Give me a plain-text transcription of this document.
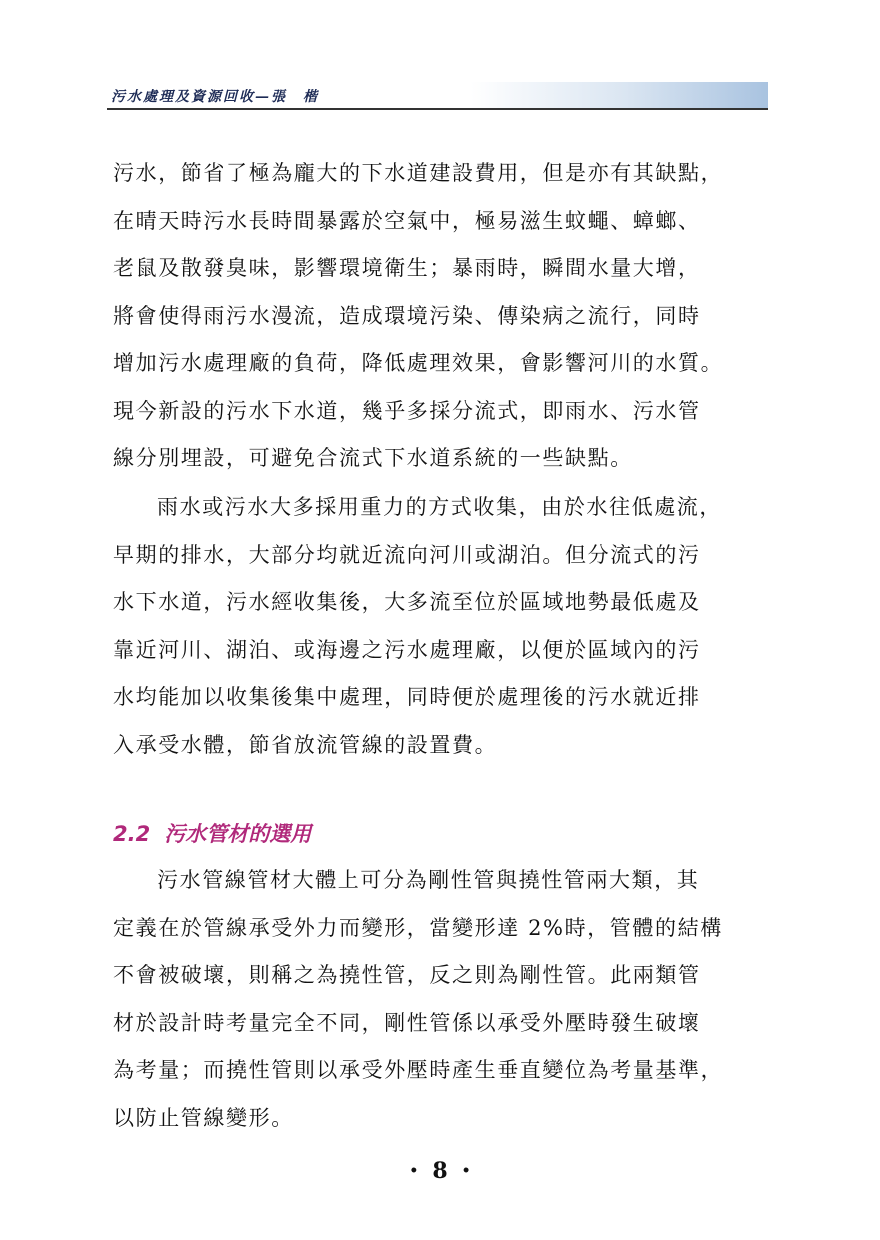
污水處理及資源回收—張　楷
污水，節省了極為龐大的下水道建設費用，但是亦有其缺點，
在晴天時污水長時間暴露於空氣中，極易滋生蚊蠅、蟑螂、
老鼠及散發臭味，影響環境衛生；暴雨時，瞬間水量大增，
將會使得雨污水漫流，造成環境污染、傳染病之流行，同時
增加污水處理廠的負荷，降低處理效果，會影響河川的水質。
現今新設的污水下水道，幾乎多採分流式，即雨水、污水管
線分別埋設，可避免合流式下水道系統的一些缺點。
雨水或污水大多採用重力的方式收集，由於水往低處流，
早期的排水，大部分均就近流向河川或湖泊。但分流式的污
水下水道，污水經收集後，大多流至位於區域地勢最低處及
靠近河川、湖泊、或海邊之污水處理廠，以便於區域內的污
水均能加以收集後集中處理，同時便於處理後的污水就近排
入承受水體，節省放流管線的設置費。
2.2 污水管材的選用
污水管線管材大體上可分為剛性管與撓性管兩大類，其
定義在於管線承受外力而變形，當變形達 2%時，管體的結構
不會被破壞，則稱之為撓性管，反之則為剛性管。此兩類管
材於設計時考量完全不同，剛性管係以承受外壓時發生破壞
為考量；而撓性管則以承受外壓時產生垂直變位為考量基準，
以防止管線變形。
• 8 •
